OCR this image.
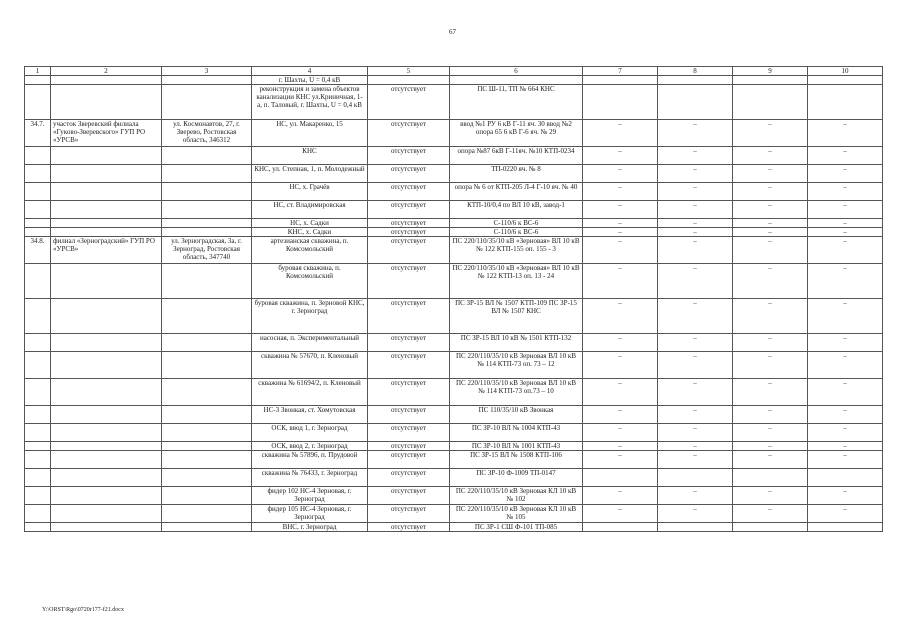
67
1	2	3	4	5	6	7	8	9	10
			г. Шахты, U = 0,4 кВ						
			реконструкция и замена объектов канализации КНС ул.Криничная, 1-а, п. Таловый, г. Шахты, U = 0,4 кВ	отсутствует	ПС Ш-11, ТП № 664 КНС				
34.7.	участок Зверевский филиала «Гуково-Зверевского» ГУП РО «УРСВ»	ул. Космонавтов, 27, г. Зверево, Ростовская область, 346312	НС, ул. Макаренко, 15	отсутствует	ввод №1 РУ 6 кВ Г-11 яч. 30 ввод №2 опора 65 6 кВ Г-6 яч. № 29	–	–	–	–
			КНС	отсутствует	опора №87 6кВ Г-11яч. №10 КТП-0234	–	–	–	–
			КНС, ул. Степная, 1, п. Молодежный	отсутствует	ТП-0220 яч. № 8	–	–	–	–
			НС, х. Грачёв	отсутствует	опора № 6 от КТП-205 Л-4 Г-10 яч. № 40	–	–	–	–
			НС, ст. Владимировская	отсутствует	КТП-10/0,4 по ВЛ 10 кВ, завод-1	–	–	–	–
			НС, х. Садки	отсутствует	С-110/6 к ВС-6	–	–	–	–
			КНС, х. Садки	отсутствует	С-110/6 к ВС-6	–	–	–	–
34.8.	филиал «Зерноградский» ГУП РО «УРСВ»	ул. Зерноградская, 3а, г. Зерноград, Ростовская область, 347740	артезианская скважина, п. Комсомольский	отсутствует	ПС 220/110/35/10 кВ «Зерновая» ВЛ 10 кВ № 122 КТП-155 оп. 155 - 3	–	–	–	–
			буровая скважина, п. Комсомольский	отсутствует	ПС 220/110/35/10 кВ «Зерновая» ВЛ 10 кВ № 122 КТП-13 оп. 13 - 24	–	–	–	–
			буровая скважина, п. Зерновой КНС, г. Зерноград	отсутствует	ПС ЗР-15 ВЛ № 1507 КТП-109 ПС ЗР-15 ВЛ № 1507 КНС	–	–	–	–
			насосная, п. Экспериментальный	отсутствует	ПС ЗР-15 ВЛ 10 кВ № 1501 КТП-132	–	–	–	–
			скважина № 57670, п. Кленовый	отсутствует	ПС 220/110/35/10 кВ Зерновая ВЛ 10 кВ № 114 КТП-73 оп. 73 – 12	–	–	–	–
			скважина № 61694/2, п. Кленовый	отсутствует	ПС 220/110/35/10 кВ Зерновая ВЛ 10 кВ № 114 КТП-73 оп.73 – 10	–	–	–	–
			НС-3 Звонкая, ст. Хомутовская	отсутствует	ПС 110/35/10 кВ Звонкая	–	–	–	–
			ОСК, ввод 1, г. Зерноград	отсутствует	ПС ЗР-10 ВЛ № 1004 КТП-43	–	–	–	–
			ОСК, ввод 2, г. Зерноград	отсутствует	ПС ЗР-10 ВЛ № 1001 КТП-43	–	–	–	–
			скважина № 57896, п. Прудовой	отсутствует	ПС ЗР-15 ВЛ № 1508 КТП-106	–	–	–	–
			скважина № 76433, г. Зерноград	отсутствует	ПС ЗР-10 Ф-1009 ТП-0147				
			фидер 102 НС-4 Зерновая, г. Зерноград	отсутствует	ПС 220/110/35/10 кВ Зерновая КЛ 10 кВ № 102	–	–	–	–
			фидер 105 НС-4 Зерновая, г. Зерноград	отсутствует	ПС 220/110/35/10 кВ Зерновая КЛ 10 кВ № 105	–	–	–	–
			ВНС, г. Зерноград	отсутствует	ПС ЗР-1 СШ Ф-101 ТП-085				
Y:\ORST\Rgo\0720r177-f21.docx
